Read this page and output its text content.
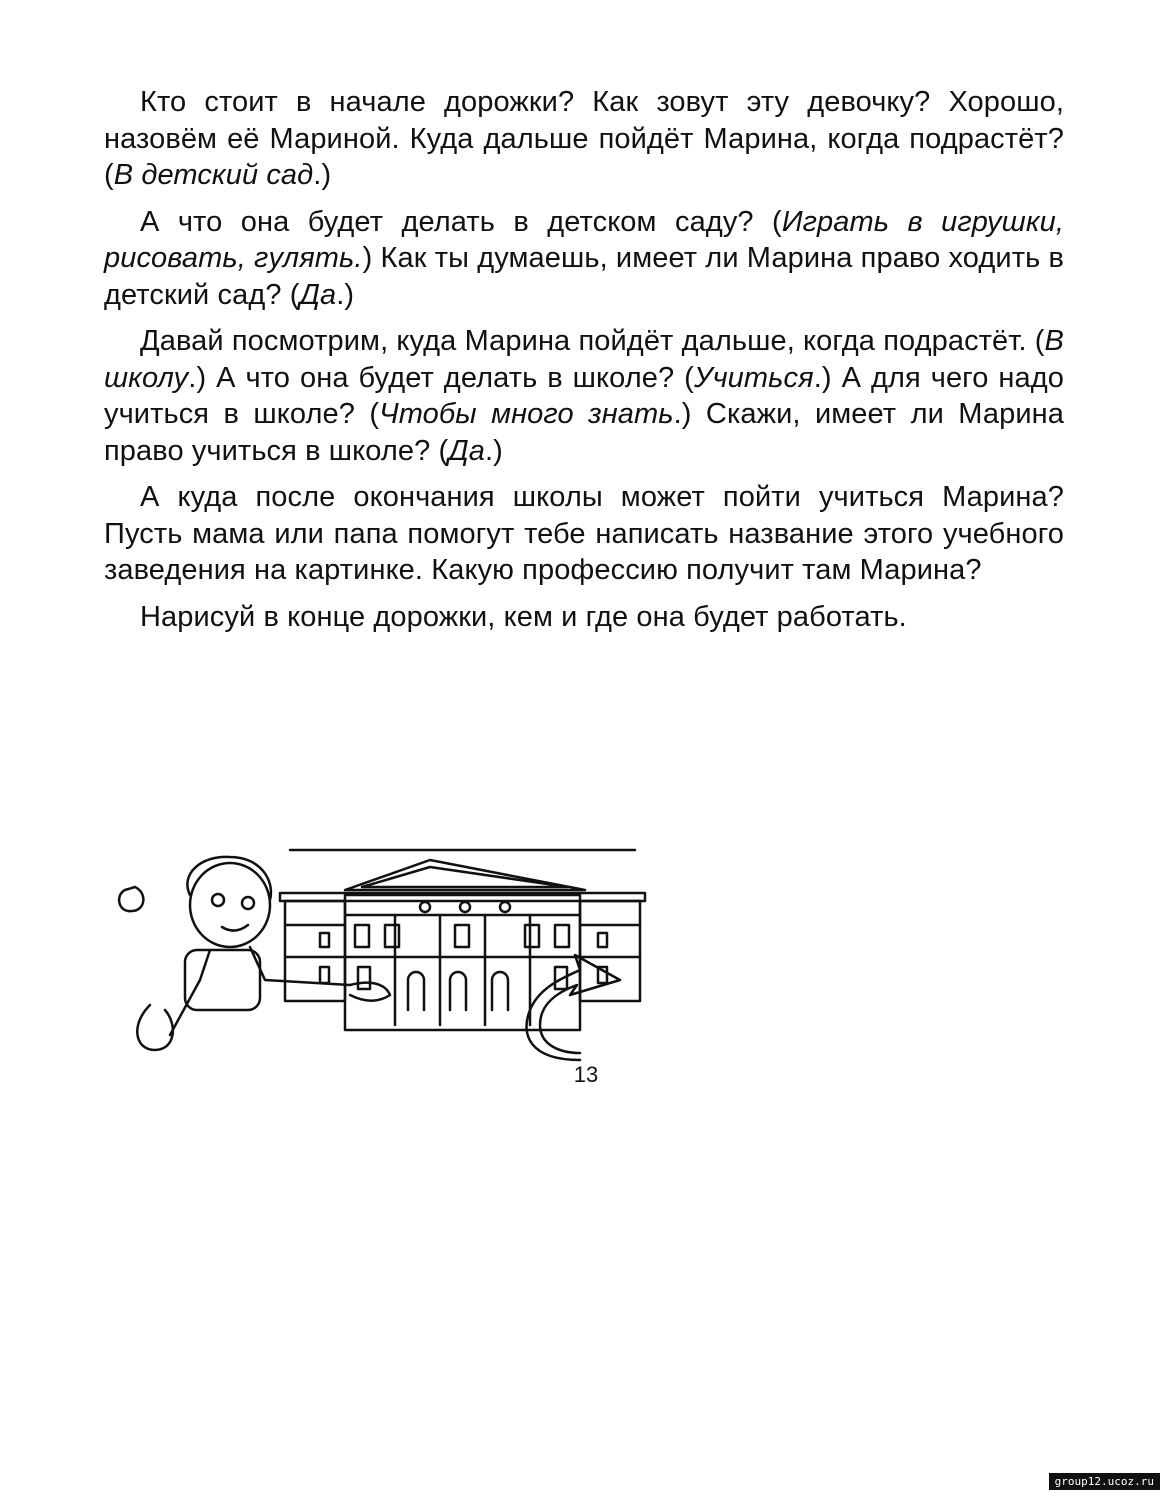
Кто стоит в начале дорожки? Как зовут эту девочку? Хорошо, назовём её Мариной. Куда дальше пойдёт Марина, когда подрастёт? (В детский сад.)

А что она будет делать в детском саду? (Играть в игрушки, рисовать, гулять.) Как ты думаешь, имеет ли Марина право ходить в детский сад? (Да.)

Давай посмотрим, куда Марина пойдёт дальше, когда подрастёт. (В школу.) А что она будет делать в школе? (Учиться.) А для чего надо учиться в школе? (Чтобы много знать.) Скажи, имеет ли Марина право учиться в школе? (Да.)

А куда после окончания школы может пойти учиться Марина? Пусть мама или папа помогут тебе написать название этого учебного заведения на картинке. Какую профессию получит там Марина?

Нарисуй в конце дорожки, кем и где она будет работать.

13
group12.ucoz.ru
